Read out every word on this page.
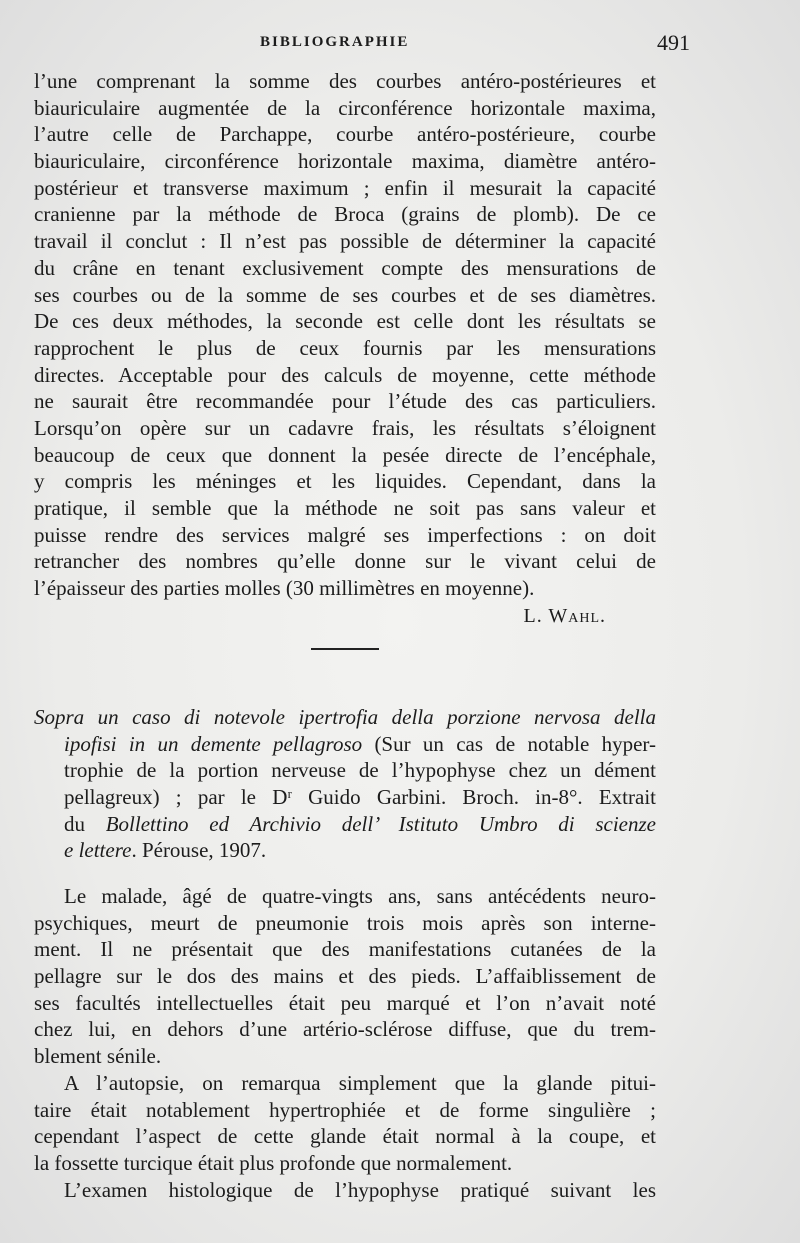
BIBLIOGRAPHIE	491
l’une comprenant la somme des courbes antéro-postérieures et
biauriculaire augmentée de la circonférence horizontale maxima,
l’autre celle de Parchappe, courbe antéro-postérieure, courbe
biauriculaire, circonférence horizontale maxima, diamètre antéro-
postérieur et transverse maximum ; enfin il mesurait la capacité
cranienne par la méthode de Broca (grains de plomb). De ce
travail il conclut : Il n’est pas possible de déterminer la capacité
du crâne en tenant exclusivement compte des mensurations de
ses courbes ou de la somme de ses courbes et de ses diamètres.
De ces deux méthodes, la seconde est celle dont les résultats se
rapprochent le plus de ceux fournis par les mensurations
directes. Acceptable pour des calculs de moyenne, cette méthode
ne saurait être recommandée pour l’étude des cas particuliers.
Lorsqu’on opère sur un cadavre frais, les résultats s’éloignent
beaucoup de ceux que donnent la pesée directe de l’encéphale,
y compris les méninges et les liquides. Cependant, dans la
pratique, il semble que la méthode ne soit pas sans valeur et
puisse rendre des services malgré ses imperfections : on doit
retrancher des nombres qu’elle donne sur le vivant celui de
l’épaisseur des parties molles (30 millimètres en moyenne).
L. Wahl.
Sopra un caso di notevole ipertrofia della porzione nervosa della
ipofisi in un demente pellagroso (Sur un cas de notable hyper-
trophie de la portion nerveuse de l’hypophyse chez un dément
pellagreux) ; par le Dʳ Guido Garbini. Broch. in-8°. Extrait
du Bollettino ed Archivio dell’ Istituto Umbro di scienze
e lettere. Pérouse, 1907.
Le malade, âgé de quatre-vingts ans, sans antécédents neuro-
psychiques, meurt de pneumonie trois mois après son interne-
ment. Il ne présentait que des manifestations cutanées de la
pellagre sur le dos des mains et des pieds. L’affaiblissement de
ses facultés intellectuelles était peu marqué et l’on n’avait noté
chez lui, en dehors d’une artério-sclérose diffuse, que du trem-
blement sénile.
A l’autopsie, on remarqua simplement que la glande pitui-
taire était notablement hypertrophiée et de forme singulière ;
cependant l’aspect de cette glande était normal à la coupe, et
la fossette turcique était plus profonde que normalement.
L’examen histologique de l’hypophyse pratiqué suivant les
